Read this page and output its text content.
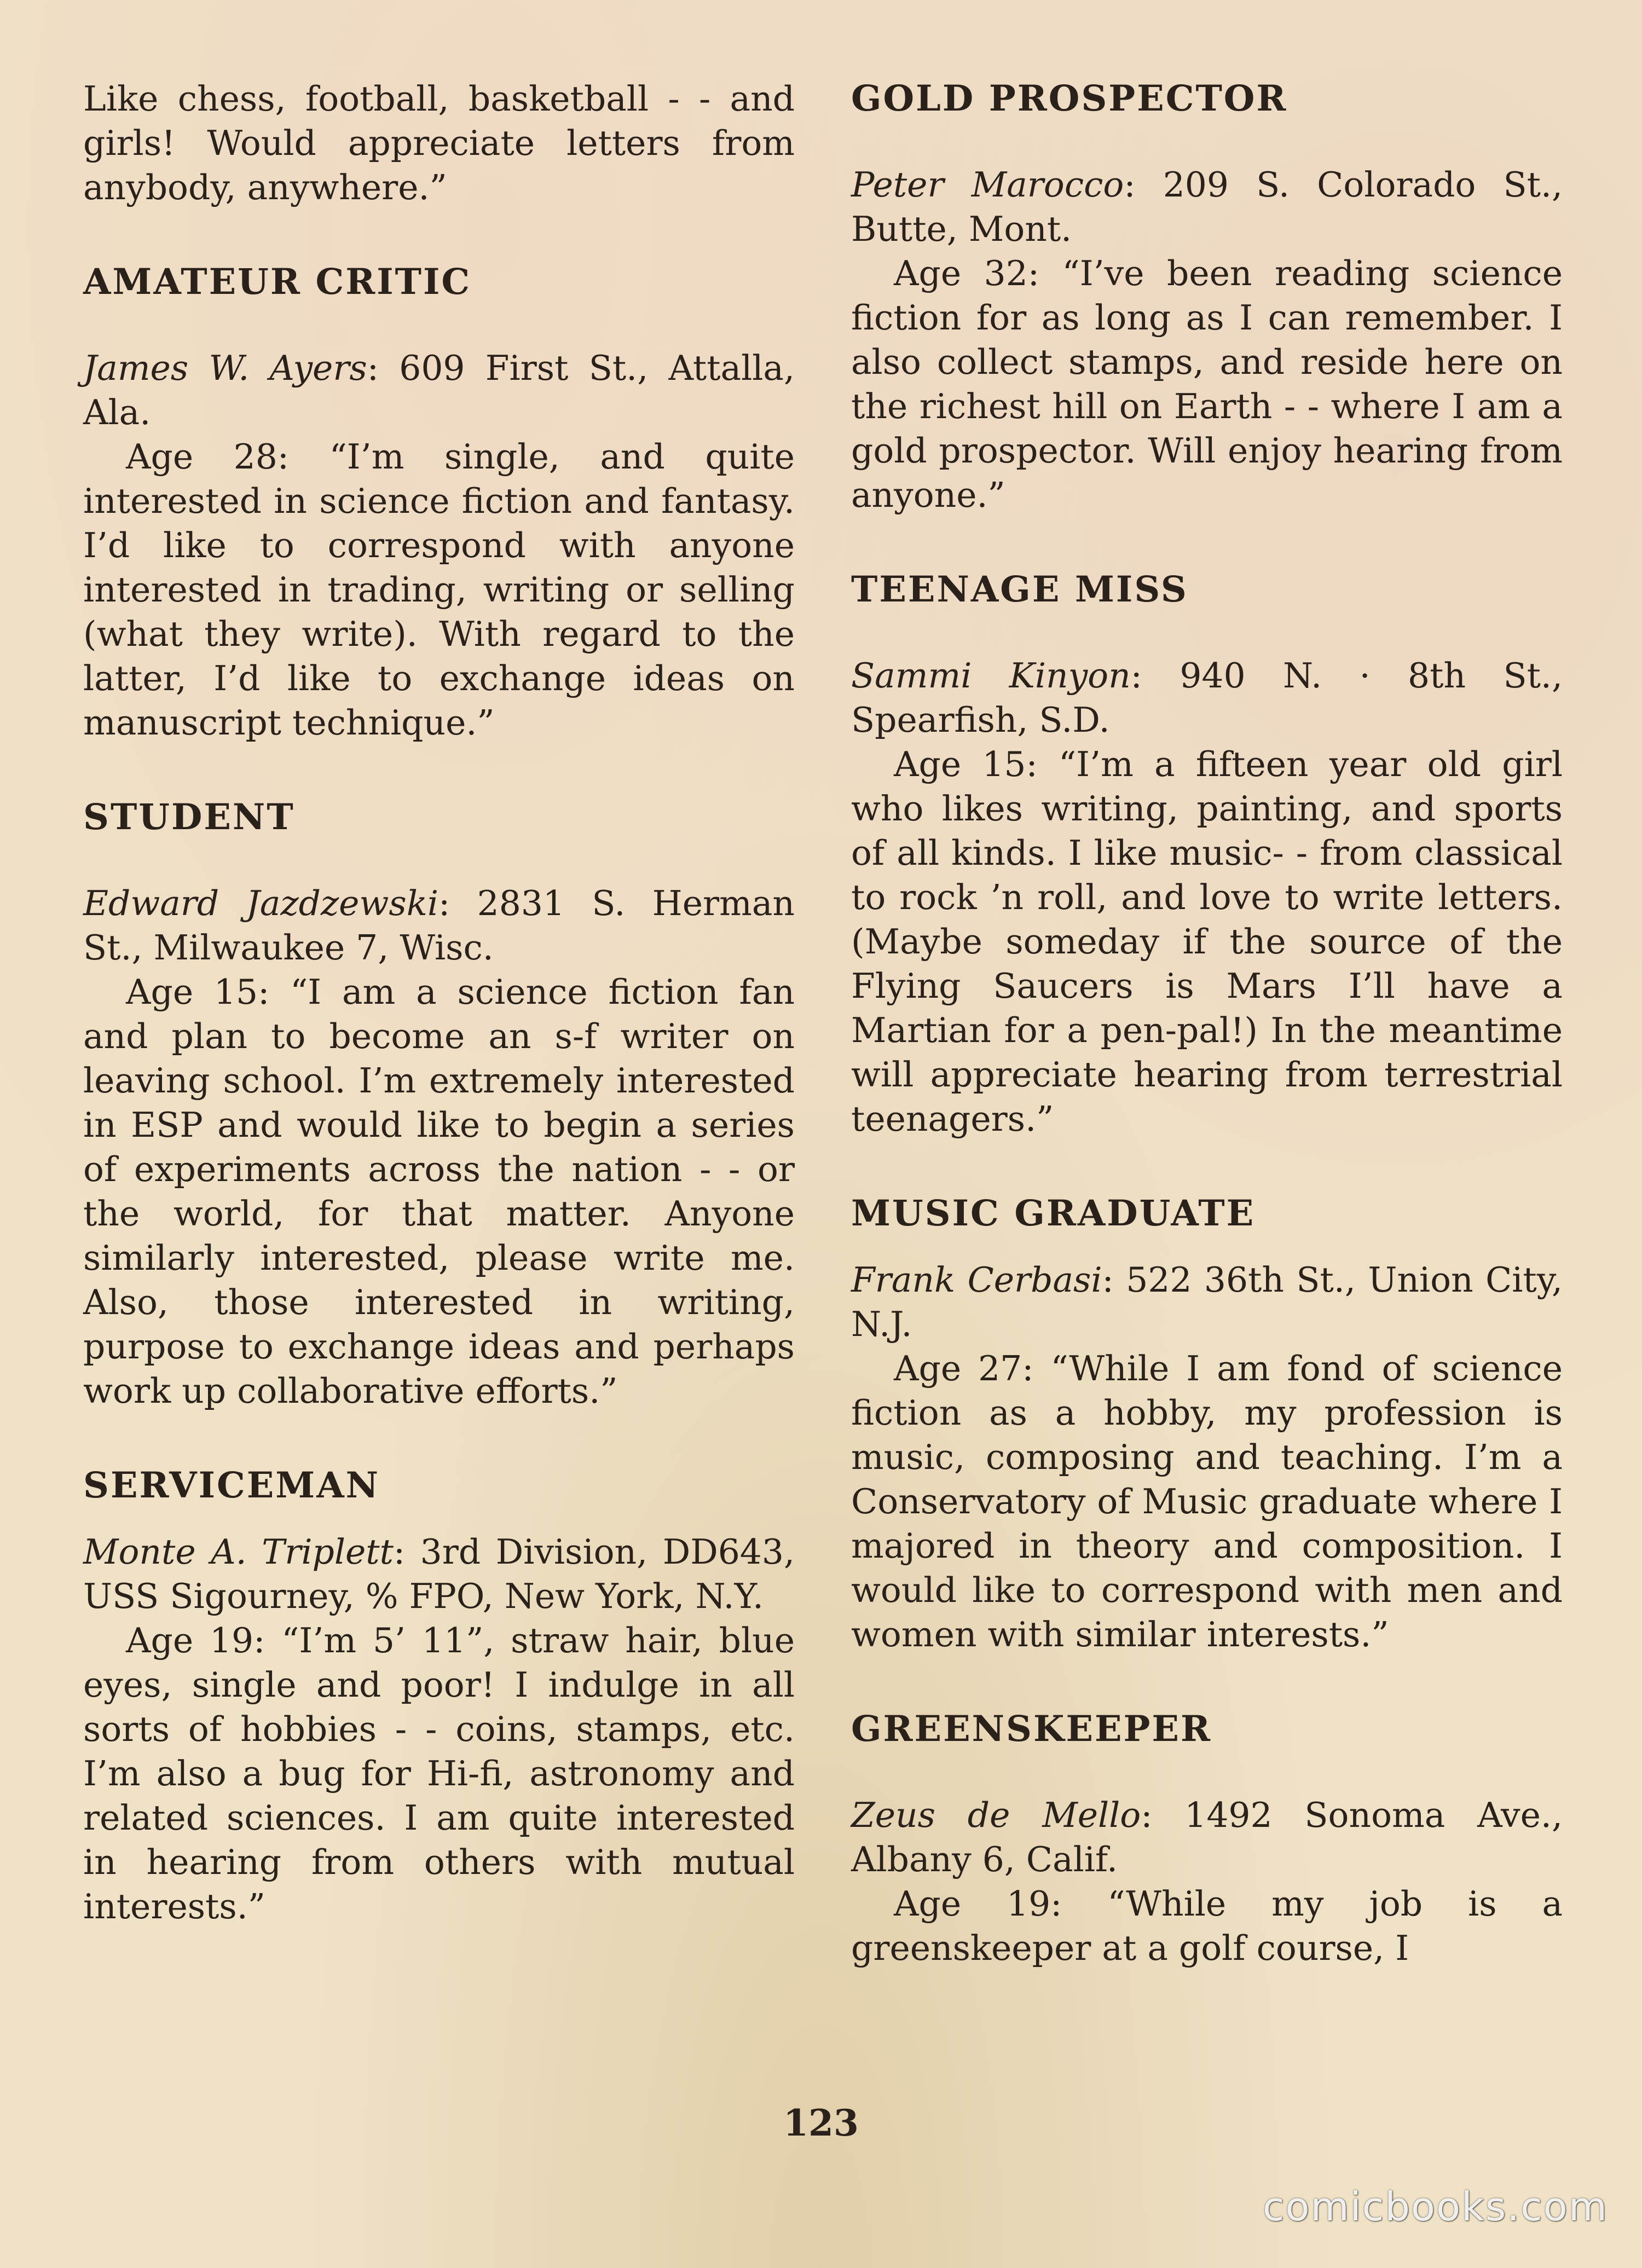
Like chess, football, basketball - - and girls! Would appreciate letters from anybody, anywhere.”

AMATEUR CRITIC

James W. Ayers: 609 First St., Attalla, Ala.

Age 28: “I’m single, and quite interested in science fiction and fantasy. I’d like to correspond with anyone interested in trading, writing or selling (what they write). With regard to the latter, I’d like to exchange ideas on manuscript technique.”

STUDENT

Edward Jazdzewski: 2831 S. Herman St., Milwaukee 7, Wisc.

Age 15: “I am a science fiction fan and plan to become an s-f writer on leaving school. I’m extremely interested in ESP and would like to begin a series of experiments across the nation - - or the world, for that matter. Anyone similarly interested, please write me. Also, those interested in writing, purpose to exchange ideas and perhaps work up collaborative efforts.”

SERVICEMAN

Monte A. Triplett: 3rd Division, DD643, USS Sigourney, % FPO, New York, N.Y.

Age 19: “I’m 5’ 11”, straw hair, blue eyes, single and poor! I indulge in all sorts of hobbies - - coins, stamps, etc. I’m also a bug for Hi-fi, astronomy and related sciences. I am quite interested in hearing from others with mutual interests.”

GOLD PROSPECTOR

Peter Marocco: 209 S. Colorado St., Butte, Mont.

Age 32: “I’ve been reading science fiction for as long as I can remember. I also collect stamps, and reside here on the richest hill on Earth - - where I am a gold prospector. Will enjoy hearing from anyone.”

TEENAGE MISS

Sammi Kinyon: 940 N. · 8th St., Spearfish, S.D.

Age 15: “I’m a fifteen year old girl who likes writing, painting, and sports of all kinds. I like music- - from classical to rock ’n roll, and love to write letters. (Maybe someday if the source of the Flying Saucers is Mars I’ll have a Martian for a pen-pal!) In the meantime will appreciate hearing from terrestrial teenagers.”

MUSIC GRADUATE

Frank Cerbasi: 522 36th St., Union City, N.J.

Age 27: “While I am fond of science fiction as a hobby, my profession is music, composing and teaching. I’m a Conservatory of Music graduate where I majored in theory and composition. I would like to correspond with men and women with similar interests.”

GREENSKEEPER

Zeus de Mello: 1492 Sonoma Ave., Albany 6, Calif.

Age 19: “While my job is a greenskeeper at a golf course, I

123
comicbooks.com
